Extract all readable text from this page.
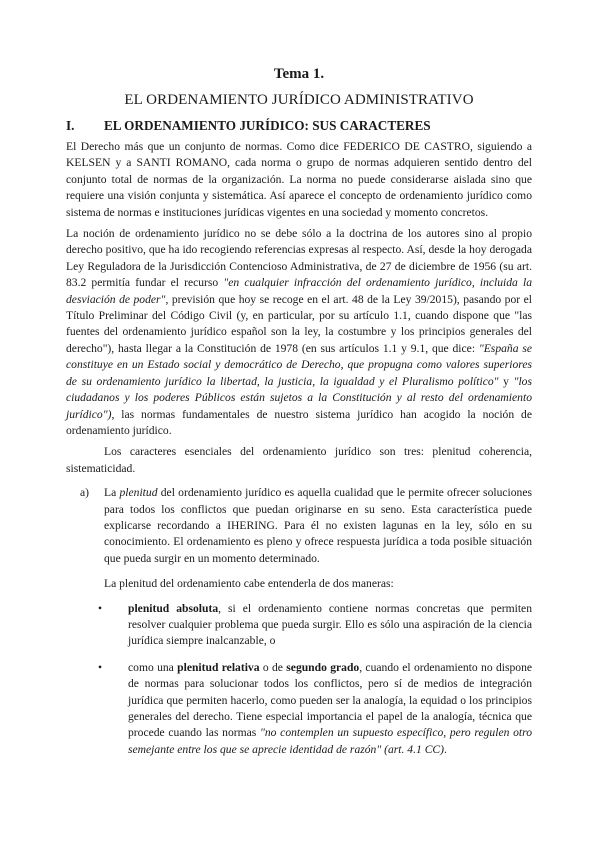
Tema 1.
EL ORDENAMIENTO JURÍDICO ADMINISTRATIVO
I. EL ORDENAMIENTO JURÍDICO: SUS CARACTERES

El Derecho más que un conjunto de normas. Como dice FEDERICO DE CASTRO, siguiendo a KELSEN y a SANTI ROMANO, cada norma o grupo de normas adquieren sentido dentro del conjunto total de normas de la organización. La norma no puede considerarse aislada sino que requiere una visión conjunta y sistemática. Así aparece el concepto de ordenamiento jurídico como sistema de normas e instituciones jurídicas vigentes en una sociedad y momento concretos.

La noción de ordenamiento jurídico no se debe sólo a la doctrina de los autores sino al propio derecho positivo, que ha ido recogiendo referencias expresas al respecto. Así, desde la hoy derogada Ley Reguladora de la Jurisdicción Contencioso Administrativa, de 27 de diciembre de 1956 (su art. 83.2 permitía fundar el recurso "en cualquier infracción del ordenamiento jurídico, incluida la desviación de poder", previsión que hoy se recoge en el art. 48 de la Ley 39/2015), pasando por el Título Preliminar del Código Civil (y, en particular, por su artículo 1.1, cuando dispone que "las fuentes del ordenamiento jurídico español son la ley, la costumbre y los principios generales del derecho"), hasta llegar a la Constitución de 1978 (en sus artículos 1.1 y 9.1, que dice: "España se constituye en un Estado social y democrático de Derecho, que propugna como valores superiores de su ordenamiento jurídico la libertad, la justicia, la igualdad y el Pluralismo político" y "los ciudadanos y los poderes Públicos están sujetos a la Constitución y al resto del ordenamiento jurídico"), las normas fundamentales de nuestro sistema jurídico han acogido la noción de ordenamiento jurídico.

Los caracteres esenciales del ordenamiento jurídico son tres: plenitud coherencia, sistematicidad.

a) La plenitud del ordenamiento jurídico es aquella cualidad que le permite ofrecer soluciones para todos los conflictos que puedan originarse en su seno. Esta característica puede explicarse recordando a IHERING. Para él no existen lagunas en la ley, sólo en su conocimiento. El ordenamiento es pleno y ofrece respuesta jurídica a toda posible situación que pueda surgir en un momento determinado.

La plenitud del ordenamiento cabe entenderla de dos maneras:

• plenitud absoluta, si el ordenamiento contiene normas concretas que permiten resolver cualquier problema que pueda surgir. Ello es sólo una aspiración de la ciencia jurídica siempre inalcanzable, o

• como una plenitud relativa o de segundo grado, cuando el ordenamiento no dispone de normas para solucionar todos los conflictos, pero sí de medios de integración jurídica que permiten hacerlo, como pueden ser la analogía, la equidad o los principios generales del derecho. Tiene especial importancia el papel de la analogía, técnica que procede cuando las normas "no contemplen un supuesto específico, pero regulen otro semejante entre los que se aprecie identidad de razón" (art. 4.1 CC).
